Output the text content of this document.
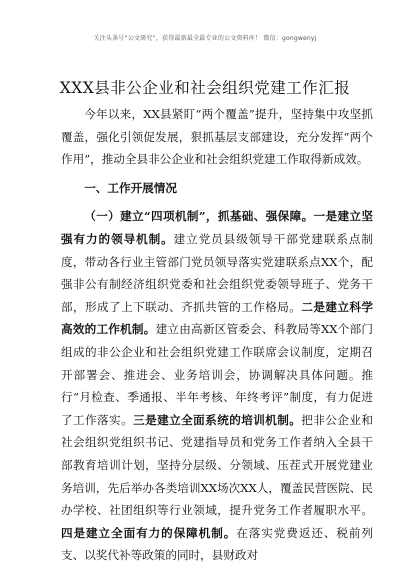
关注头条号“公文研究”，获得最新最全最专业的公文资料库！ 微信：gongwenyj
XXX县非公企业和社会组织党建工作汇报

今年以来，XX县紧盯“两个覆盖”提升，坚持集中攻坚抓覆盖，强化引领促发展，狠抓基层支部建设，充分发挥“两个作用”，推动全县非公企业和社会组织党建工作取得新成效。

一、工作开展情况

（一）建立“四项机制”，抓基础、强保障。一是建立坚强有力的领导机制。建立党员县级领导干部党建联系点制度，带动各行业主管部门党员领导落实党建联系点XX个，配强非公有制经济组织党委和社会组织党委领导班子、党务干部，形成了上下联动、齐抓共管的工作格局。二是建立科学高效的工作机制。建立由高新区管委会、科教局等XX个部门组成的非公企业和社会组织党建工作联席会议制度，定期召开部署会、推进会、业务培训会，协调解决具体问题。推行“月检查、季通报、半年考核、年终考评”制度，有力促进了工作落实。三是建立全面系统的培训机制。把非公企业和社会组织党组织书记、党建指导员和党务工作者纳入全县干部教育培训计划，坚持分层级、分领域、压茬式开展党建业务培训，先后举办各类培训XX场次XX人，覆盖民营医院、民办学校、社团组织等行业领域，提升党务工作者履职水平。四是建立全面有力的保障机制。在落实党费返还、税前列支、以奖代补等政策的同时，县财政对
